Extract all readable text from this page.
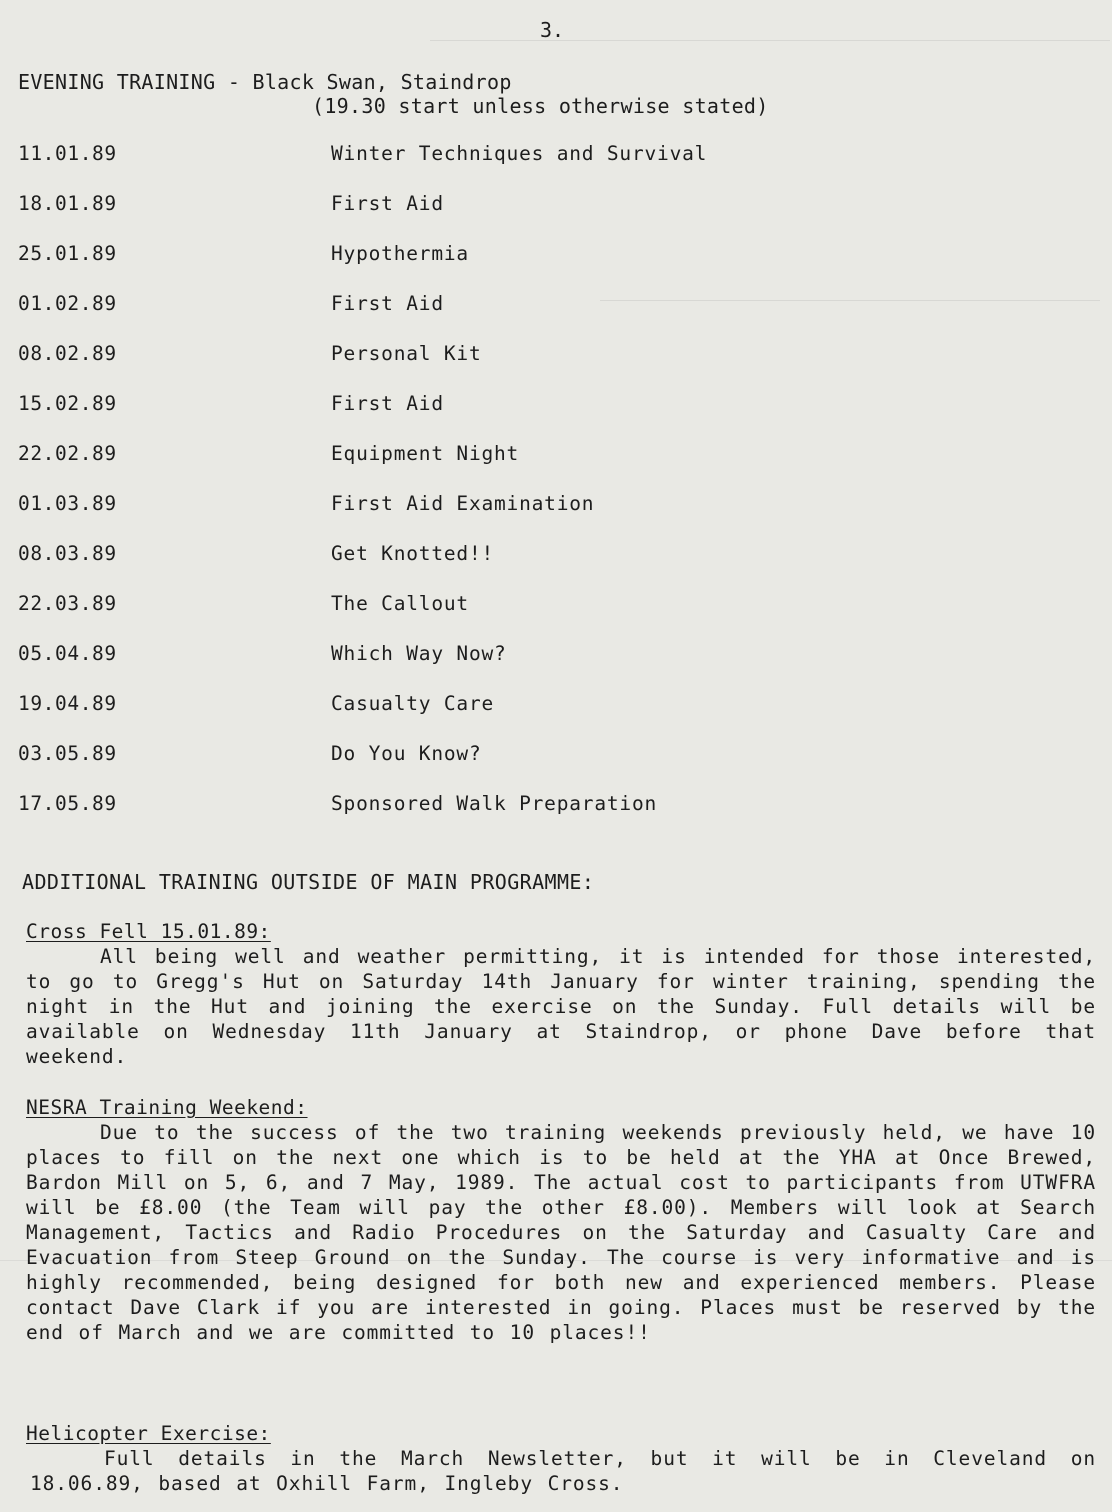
3.
EVENING TRAINING - Black Swan, Staindrop
(19.30 start unless otherwise stated)
11.01.89	Winter Techniques and Survival
18.01.89	First Aid
25.01.89	Hypothermia
01.02.89	First Aid
08.02.89	Personal Kit
15.02.89	First Aid
22.02.89	Equipment Night
01.03.89	First Aid Examination
08.03.89	Get Knotted!!
22.03.89	The Callout
05.04.89	Which Way Now?
19.04.89	Casualty Care
03.05.89	Do You Know?
17.05.89	Sponsored Walk Preparation
ADDITIONAL TRAINING OUTSIDE OF MAIN PROGRAMME:
Cross Fell 15.01.89:
All being well and weather permitting, it is intended for those interested, to go to Gregg's Hut on Saturday 14th January for winter training, spending the night in the Hut and joining the exercise on the Sunday. Full details will be available on Wednesday 11th January at Staindrop, or phone Dave before that weekend.
NESRA Training Weekend:
Due to the success of the two training weekends previously held, we have 10 places to fill on the next one which is to be held at the YHA at Once Brewed, Bardon Mill on 5, 6, and 7 May, 1989. The actual cost to participants from UTWFRA will be £8.00 (the Team will pay the other £8.00). Members will look at Search Management, Tactics and Radio Procedures on the Saturday and Casualty Care and Evacuation from Steep Ground on the Sunday. The course is very informative and is highly recommended, being designed for both new and experienced members. Please contact Dave Clark if you are interested in going. Places must be reserved by the end of March and we are committed to 10 places!!
Helicopter Exercise:
Full details in the March Newsletter, but it will be in Cleveland on 18.06.89, based at Oxhill Farm, Ingleby Cross.
